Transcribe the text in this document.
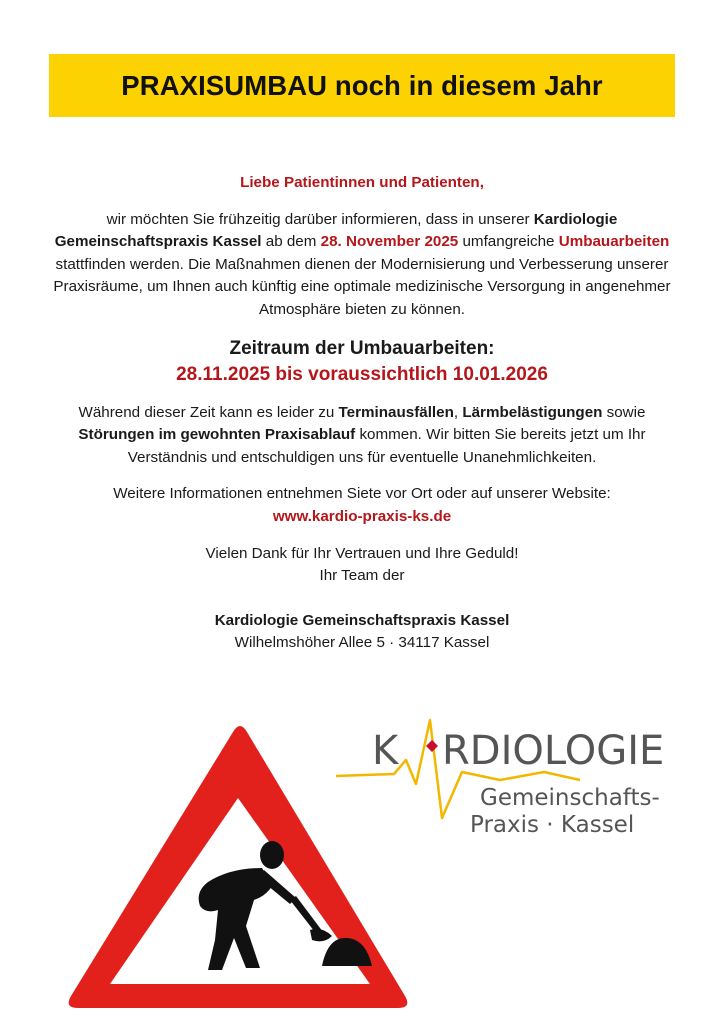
PRAXISUMBAU noch in diesem Jahr

Liebe Patientinnen und Patienten,

wir möchten Sie frühzeitig darüber informieren, dass in unserer Kardiologie Gemeinschaftspraxis Kassel ab dem 28. November 2025 umfangreiche Umbauarbeiten stattfinden werden. Die Maßnahmen dienen der Modernisierung und Verbesserung unserer Praxisräume, um Ihnen auch künftig eine optimale medizinische Versorgung in angenehmer Atmosphäre bieten zu können.

Zeitraum der Umbauarbeiten:

28.11.2025 bis voraussichtlich 10.01.2026

Während dieser Zeit kann es leider zu Terminausfällen, Lärmbelästigungen sowie Störungen im gewohnten Praxisablauf kommen. Wir bitten Sie bereits jetzt um Ihr Verständnis und entschuldigen uns für eventuelle Unanehmlichkeiten.

Weitere Informationen entnehmen Siete vor Ort oder auf unserer Website:

www.kardio-praxis-ks.de

Vielen Dank für Ihr Vertrauen und Ihre Geduld!

Ihr Team der

Kardiologie Gemeinschaftspraxis Kassel

Wilhelmshöher Allee 5 · 34117 Kassel

K RDIOLOGIE
Gemeinschafts-
Praxis · Kassel
